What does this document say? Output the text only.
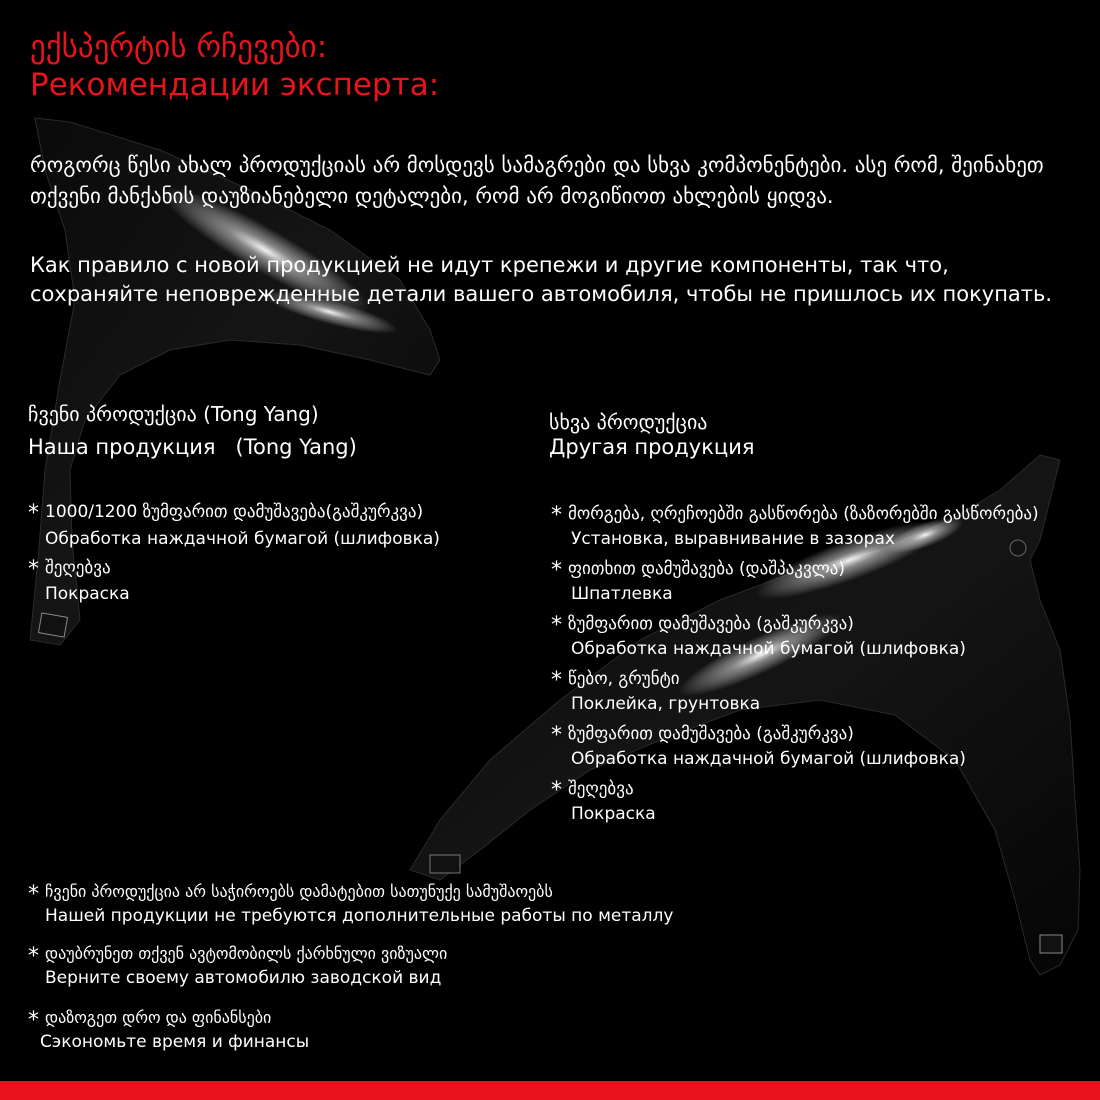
ექსპერტის რჩევები:
Рекомендации эксперта:
როგორც წესი ახალ პროდუქციას არ მოსდევს სამაგრები და სხვა კომპონენტები. ასე რომ, შეინახეთ თქვენი მანქანის დაუზიანებელი დეტალები, რომ არ მოგიწიოთ ახლების ყიდვა.
Как правило с новой продукцией не идут крепежи и другие компоненты, так что, сохраняйте неповрежденные детали вашего автомобиля, чтобы не пришлось их покупать.
ჩვენი პროდუქცია (Tong Yang)
Наша продукция   (Tong Yang)
* 1000/1200 ზუმფარით დამუშავება(გაშკურკვა)
Обработка наждачной бумагой (шлифовка)
* შეღებვა
Покраска
სხვა პროდუქცია
Другая продукция
* მორგება, ღრეჩოებში გასწორება (ზაზორებში გასწორება)
Установка, выравнивание в зазорах
* ფითხით დამუშავება (დაშპაკვლა)
Шпатлевка
* ზუმფარით დამუშავება (გაშკურკვა)
Обработка наждачной бумагой (шлифовка)
* წებო, გრუნტი
Поклейка, грунтовка
* ზუმფარით დამუშავება (გაშკურკვა)
Обработка наждачной бумагой (шлифовка)
* შეღებვა
Покраска
* ჩვენი პროდუქცია არ საჭიროებს დამატებით სათუნუქე სამუშაოებს
Нашей продукции не требуются дополнительные работы по металлу
* დაუბრუნეთ თქვენ ავტომობილს ქარხნული ვიზუალი
Верните своему автомобилю заводской вид
* დაზოგეთ დრო და ფინანსები
Сэкономьте время и финансы
